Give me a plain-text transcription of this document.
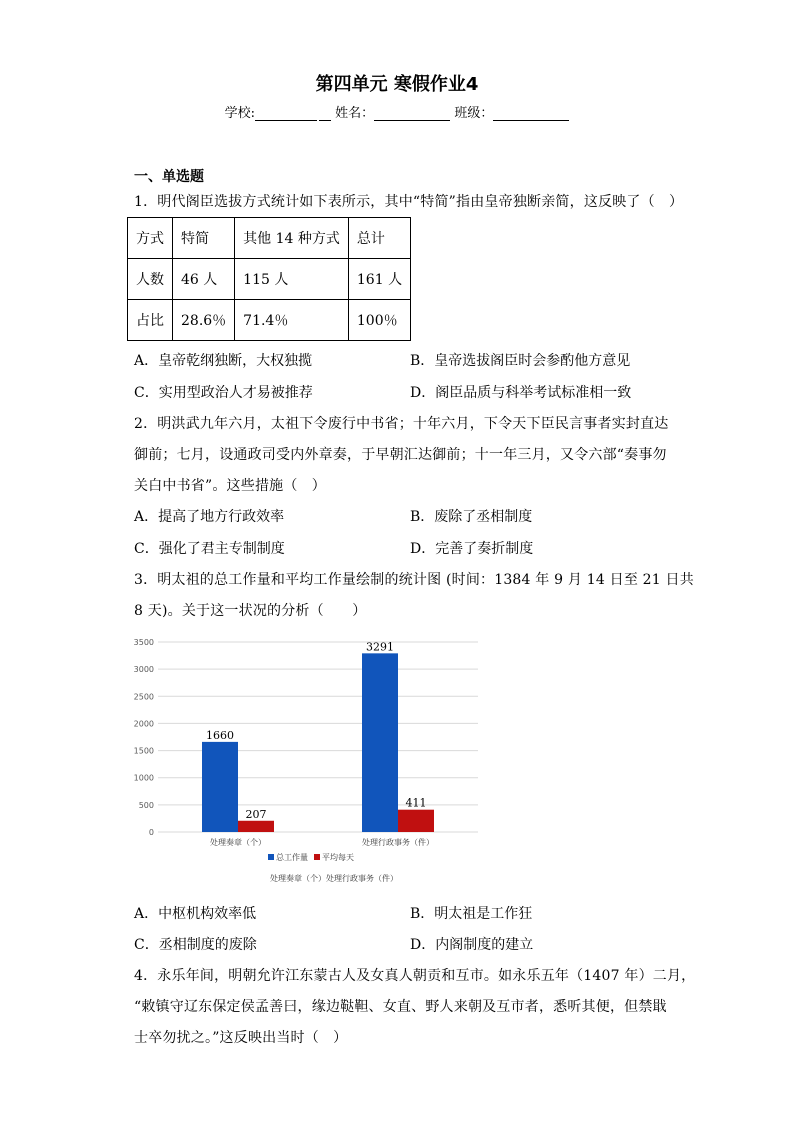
第四单元 寒假作业4
学校:	姓名：	班级：
一、单选题
1．明代阁臣选拔方式统计如下表所示，其中“特简”指由皇帝独断亲简，这反映了（　）
方式	特简	其他 14 种方式	总计
人数	46 人	115 人	161 人
占比	28.6％	71.4％	100％
A．皇帝乾纲独断，大权独揽	B．皇帝选拔阁臣时会参酌他方意见
C．实用型政治人才易被推荐	D．阁臣品质与科举考试标准相一致
2．明洪武九年六月，太祖下令废行中书省；十年六月，下令天下臣民言事者实封直达
御前；七月，设通政司受内外章奏，于早朝汇达御前；十一年三月，又令六部“奏事勿
关白中书省”。这些措施（　）
A．提高了地方行政效率	B．废除了丞相制度
C．强化了君主专制制度	D．完善了奏折制度
3．明太祖的总工作量和平均工作量绘制的统计图 (时间：1384 年 9 月 14 日至 21 日共
8 天)。关于这一状况的分析（　　）
0
500
1000
1500
2000
2500
3000
3500
1660
207
处理奏章（个）
3291
411
处理行政事务（件）
总工作量 平均每天
处理奏章（个） 处理行政事务（件）
A．中枢机构效率低	B．明太祖是工作狂
C．丞相制度的废除	D．内阁制度的建立
4．永乐年间，明朝允许江东蒙古人及女真人朝贡和互市。如永乐五年（1407 年）二月，
“敕镇守辽东保定侯孟善曰，缘边鞑靼、女直、野人来朝及互市者，悉听其便，但禁戢
士卒勿扰之。”这反映出当时（　）
